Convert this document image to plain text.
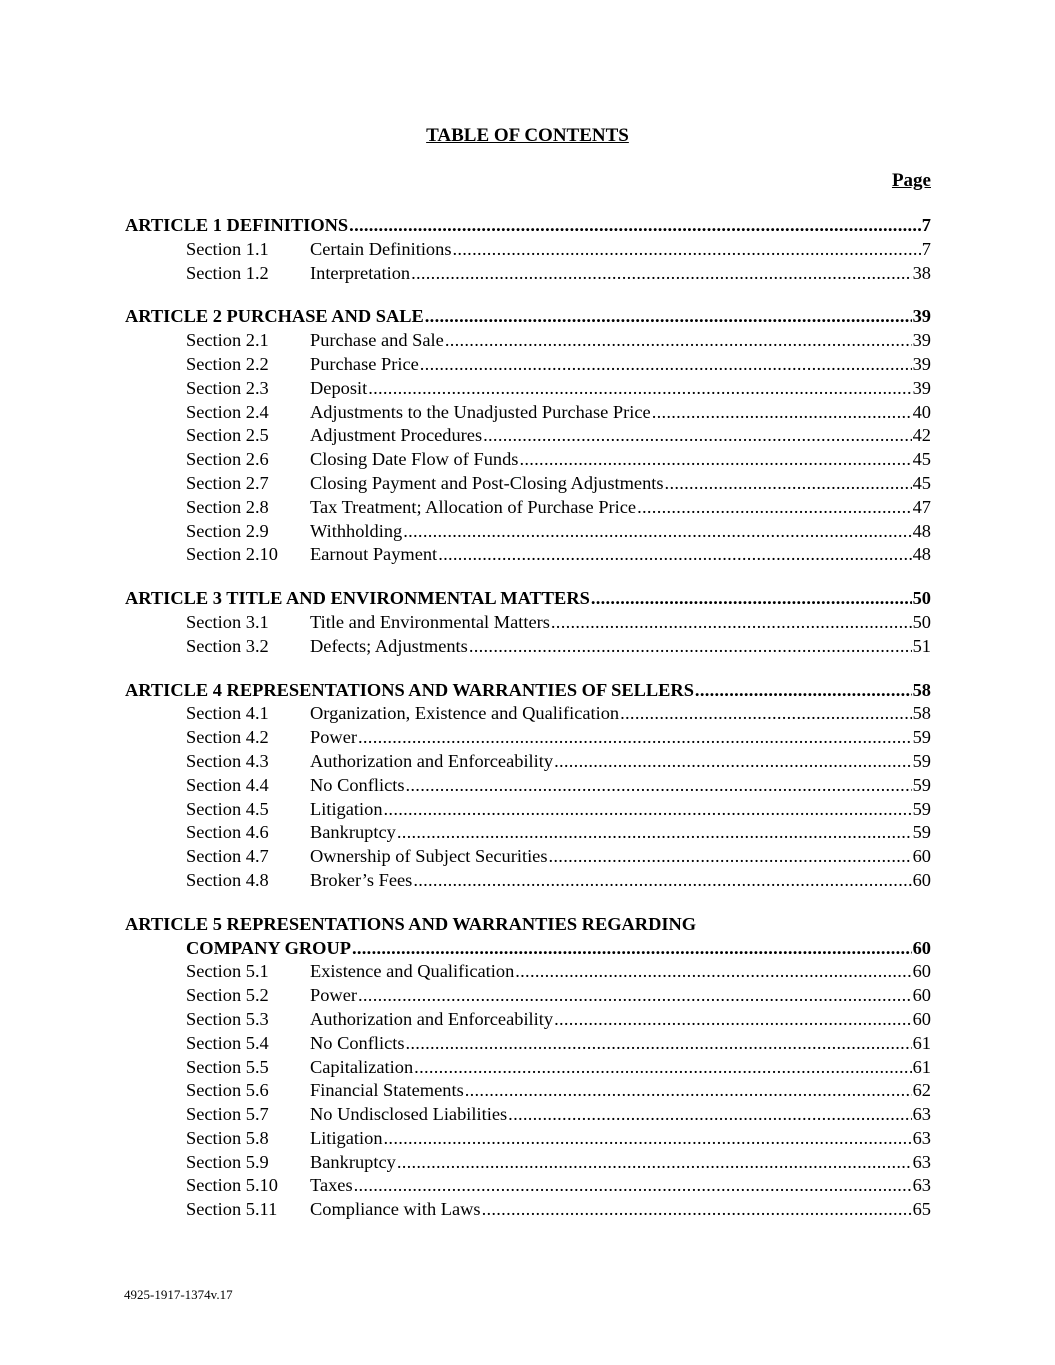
TABLE OF CONTENTS
Page
ARTICLE 1 DEFINITIONS .....	7
Section 1.1	Certain Definitions .....	7
Section 1.2	Interpretation .....	38
ARTICLE 2 PURCHASE AND SALE .....	39
Section 2.1	Purchase and Sale .....	39
Section 2.2	Purchase Price .....	39
Section 2.3	Deposit .....	39
Section 2.4	Adjustments to the Unadjusted Purchase Price .....	40
Section 2.5	Adjustment Procedures .....	42
Section 2.6	Closing Date Flow of Funds .....	45
Section 2.7	Closing Payment and Post-Closing Adjustments .....	45
Section 2.8	Tax Treatment; Allocation of Purchase Price .....	47
Section 2.9	Withholding .....	48
Section 2.10	Earnout Payment .....	48
ARTICLE 3 TITLE AND ENVIRONMENTAL MATTERS .....	50
Section 3.1	Title and Environmental Matters .....	50
Section 3.2	Defects; Adjustments .....	51
ARTICLE 4 REPRESENTATIONS AND WARRANTIES OF SELLERS .....	58
Section 4.1	Organization, Existence and Qualification .....	58
Section 4.2	Power .....	59
Section 4.3	Authorization and Enforceability .....	59
Section 4.4	No Conflicts .....	59
Section 4.5	Litigation .....	59
Section 4.6	Bankruptcy .....	59
Section 4.7	Ownership of Subject Securities .....	60
Section 4.8	Broker’s Fees .....	60
ARTICLE 5 REPRESENTATIONS AND WARRANTIES REGARDING
COMPANY GROUP .....	60
Section 5.1	Existence and Qualification .....	60
Section 5.2	Power .....	60
Section 5.3	Authorization and Enforceability .....	60
Section 5.4	No Conflicts .....	61
Section 5.5	Capitalization .....	61
Section 5.6	Financial Statements .....	62
Section 5.7	No Undisclosed Liabilities .....	63
Section 5.8	Litigation .....	63
Section 5.9	Bankruptcy .....	63
Section 5.10	Taxes .....	63
Section 5.11	Compliance with Laws .....	65
4925-1917-1374v.17
